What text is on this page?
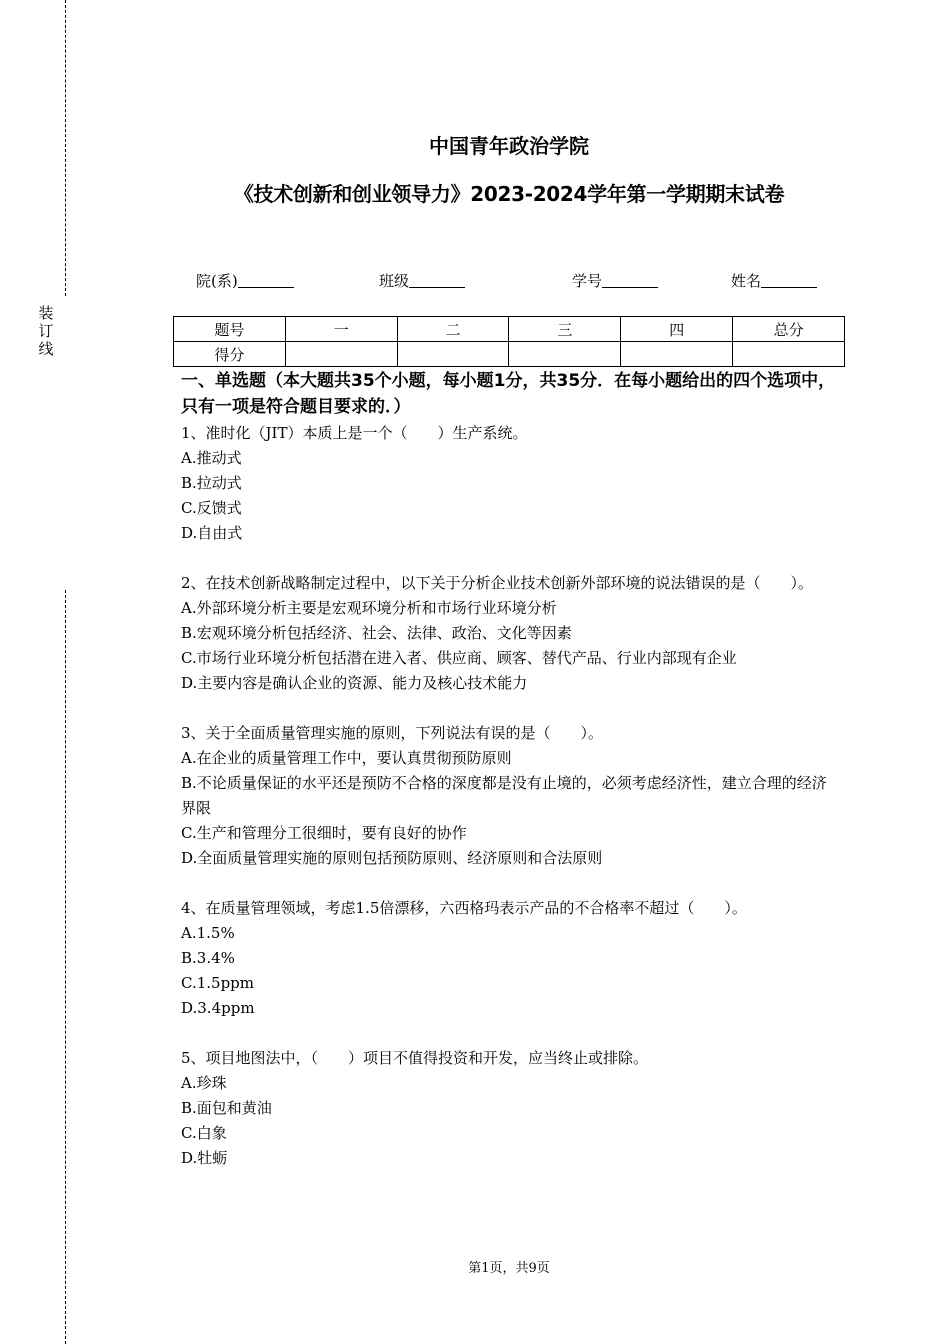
装
订
线
中国青年政治学院
《技术创新和创业领导力》2023-2024学年第一学期期末试卷
院(系)	班级	学号	姓名
题号	一	二	三	四	总分
得分					
一、单选题（本大题共35个小题，每小题1分，共35分．在每小题给出的四个选项中，只有一项是符合题目要求的．）
1、准时化（JIT）本质上是一个（　　）生产系统。
A.推动式
B.拉动式
C.反馈式
D.自由式
2、在技术创新战略制定过程中，以下关于分析企业技术创新外部环境的说法错误的是（　　）。
A.外部环境分析主要是宏观环境分析和市场行业环境分析
B.宏观环境分析包括经济、社会、法律、政治、文化等因素
C.市场行业环境分析包括潜在进入者、供应商、顾客、替代产品、行业内部现有企业
D.主要内容是确认企业的资源、能力及核心技术能力
3、关于全面质量管理实施的原则，下列说法有误的是（　　）。
A.在企业的质量管理工作中，要认真贯彻预防原则
B.不论质量保证的水平还是预防不合格的深度都是没有止境的，必须考虑经济性，建立合理的经济界限
C.生产和管理分工很细时，要有良好的协作
D.全面质量管理实施的原则包括预防原则、经济原则和合法原则
4、在质量管理领域，考虑1.5倍漂移，六西格玛表示产品的不合格率不超过（　　）。
A.1.5%
B.3.4%
C.1.5ppm
D.3.4ppm
5、项目地图法中，（　　）项目不值得投资和开发，应当终止或排除。
A.珍珠
B.面包和黄油
C.白象
D.牡蛎
第1页，共9页
